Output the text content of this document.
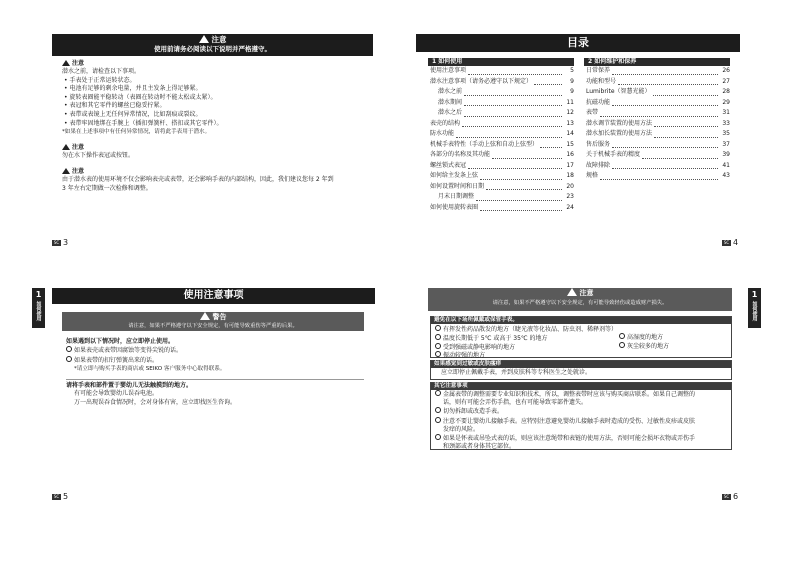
注意
使用前请务必阅读以下说明并严格遵守。
注意
潜水之前，请检查以下事项。
• 手表处于正常运转状态。
• 电池有足够的剩余电量，并且主发条上得足够紧。
• 旋转表圈能平稳转动（表圈在转动时不能太松或太紧）。
• 表冠和其它零件的螺丝已稳妥拧紧。
• 表带或表镜上无任何异常情况，比如刮痕或裂纹。
• 表带牢固地绑在手腕上（插扣弹簧杆、搭扣或其它零件）。
*如果在上述事项中有任何异常情况，请将此手表用于潜水。
注意
勿在水下操作表冠或按钮。
注意
由于潜水表的使用环境不仅会影响表壳或表带，还会影响手表的内部结构，因此，我们建议您每 2 年到
3 年左右定期做一次检修和调整。
SC 3
目录
1 如何使用
使用注意事项	5
潜水注意事项（请务必遵守以下规定）	9
潜水之前	9
潜水期间	11
潜水之后	12
表壳的结构	13
防水功能	14
机械手表特性（手动上弦和自动上弦型）	15
各部分的名称及其功能	16
螺丝锁式表冠	17
如何给主发条上弦	18
如何设置时间和日期	20
月末日期调整	23
如何使用旋转表圈	24
2 如何维护和保养
日常保养	26
功能和型号	27
Lumibrite（智慧光能）	28
抗磁功能	29
表带	31
潜水调节装置的使用方法	33
潜水加长装置的使用方法	35
售后服务	37
关于机械手表的精度	39
故障排除	41
规格	43
SC 4
1
如何使用
使用注意事项
警告
请注意，如果不严格遵守以下安全规定，有可能导致重伤等严重的后果。
如果遇到以下情况时，应立即停止使用。
如果表壳或表带因腐蚀等变得尖锐的话。
如果表带的扣钉弹簧出来的话。
*请立即与购买手表的商店或 SEIKO 客户服务中心取得联系。
请将手表和部件置于婴幼儿无法触摸到的地方。
有可能会导致婴幼儿误吞电池。
万一出现误吞食情况时，会对身体有害，应立即找医生咨询。
SC 5
1
如何使用
注意
请注意，如果不严格遵守以下安全规定，有可能导致轻伤或造成财产损失。
避免在以下场所佩戴或保管手表。
有挥发性药品散发的地方（睫光液等化妆品、防虫剂、稀释剂等）
温度长期低于 5℃ 或高于 35℃ 的地方
受到强磁或静电影响的地方
振动较强的地方
高湿度的地方
灰尘较多的地方
如果感觉到过敏或皮肤瘙痒
应立即停止佩戴手表，并到皮肤科等专科医生之处就诊。
其它注意事项
金属表带的调整需要专业知识和技术，所以，调整表带时应该与购买商店联系。如果自己调整的
话，则有可能会弄伤手指，也有可能导致零部件遗失。
切勿拆卸或改造手表。
注意不要让婴幼儿接触手表。应特别注意避免婴幼儿接触手表时造成的受伤、过敏性皮疹或皮肤
发痒的风险。
如果是怀表或吊坠式表的话，则应该注意绳带和表链的使用方法，否则可能会损坏衣物或弄伤手
和颈部或者身体其它部位。
SC 6
